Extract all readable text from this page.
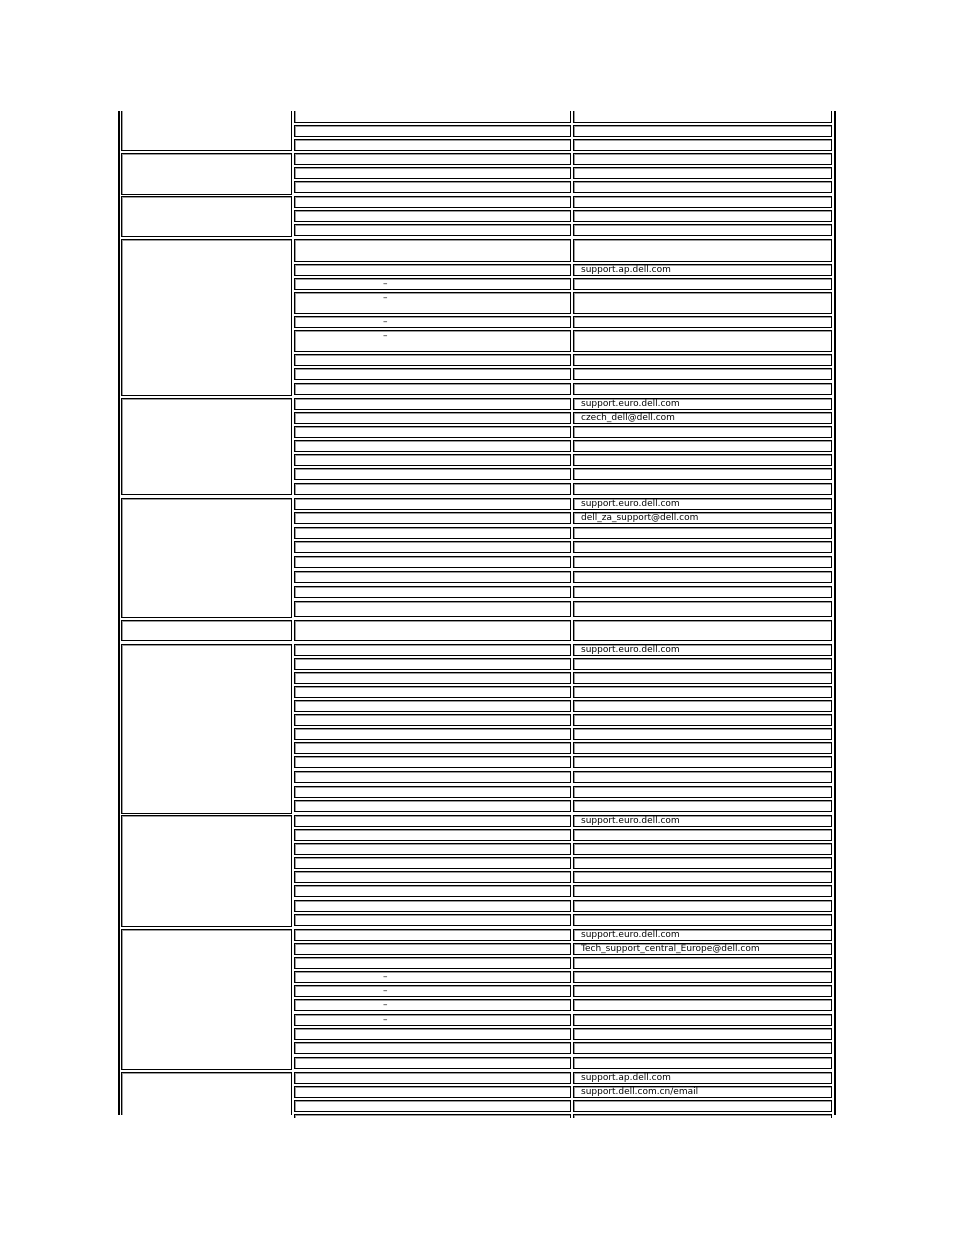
support.ap.dell.com
–
–
–
–
support.euro.dell.com
czech_dell@dell.com
support.euro.dell.com
dell_za_support@dell.com
support.euro.dell.com
support.euro.dell.com
support.euro.dell.com
Tech_support_central_Europe@dell.com
–
–
–
–
support.ap.dell.com
support.dell.com.cn/email
